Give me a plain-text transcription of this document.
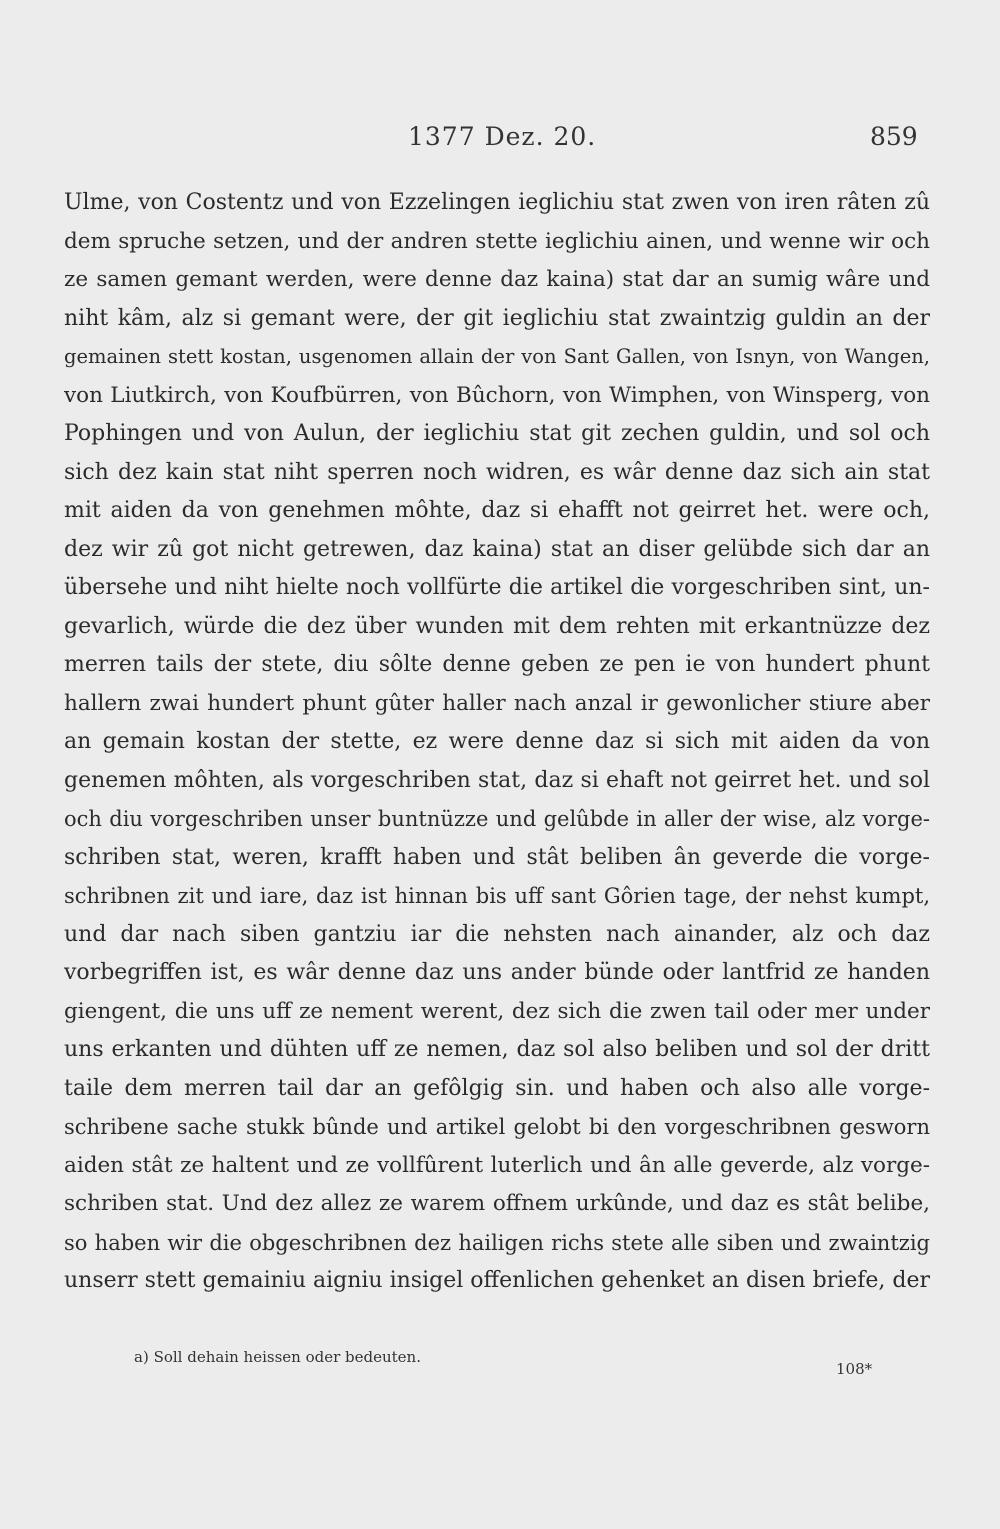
1377 Dez. 20.	859
Ulme, von Costentz und von Ezzelingen ieglichiu stat zwen von iren râten zû
dem spruche setzen, und der andren stette ieglichiu ainen, und wenne wir och
ze samen gemant werden, were denne daz kaina) stat dar an sumig wâre und
niht kâm, alz si gemant were, der git ieglichiu stat zwaintzig guldin an der
gemainen stett kostan, usgenomen allain der von Sant Gallen, von Isnyn, von Wangen,
von Liutkirch, von Koufbürren, von Bûchorn, von Wimphen, von Winsperg, von
Pophingen und von Aulun, der ieglichiu stat git zechen guldin, und sol och
sich dez kain stat niht sperren noch widren, es wâr denne daz sich ain stat
mit aiden da von genehmen môhte, daz si ehafft not geirret het. were och,
dez wir zû got nicht getrewen, daz kaina) stat an diser gelübde sich dar an
übersehe und niht hielte noch vollfürte die artikel die vorgeschriben sint, un-
gevarlich, würde die dez über wunden mit dem rehten mit erkantnüzze dez
merren tails der stete, diu sôlte denne geben ze pen ie von hundert phunt
hallern zwai hundert phunt gûter haller nach anzal ir gewonlicher stiure aber
an gemain kostan der stette, ez were denne daz si sich mit aiden da von
genemen môhten, als vorgeschriben stat, daz si ehaft not geirret het. und sol
och diu vorgeschriben unser buntnüzze und gelûbde in aller der wise, alz vorge-
schriben stat, weren, krafft haben und stât beliben ân geverde die vorge-
schribnen zit und iare, daz ist hinnan bis uff sant Gôrien tage, der nehst kumpt,
und dar nach siben gantziu iar die nehsten nach ainander, alz och daz
vorbegriffen ist, es wâr denne daz uns ander bünde oder lantfrid ze handen
giengent, die uns uff ze nement werent, dez sich die zwen tail oder mer under
uns erkanten und dühten uff ze nemen, daz sol also beliben und sol der dritt
taile dem merren tail dar an gefôlgig sin. und haben och also alle vorge-
schribene sache stukk bûnde und artikel gelobt bi den vorgeschribnen gesworn
aiden stât ze haltent und ze vollfûrent luterlich und ân alle geverde, alz vorge-
schriben stat. Und dez allez ze warem offnem urkûnde, und daz es stât belibe,
so haben wir die obgeschribnen dez hailigen richs stete alle siben und zwaintzig
unserr stett gemainiu aigniu insigel offenlichen gehenket an disen briefe, der
a) Soll dehain heissen oder bedeuten.
108*
